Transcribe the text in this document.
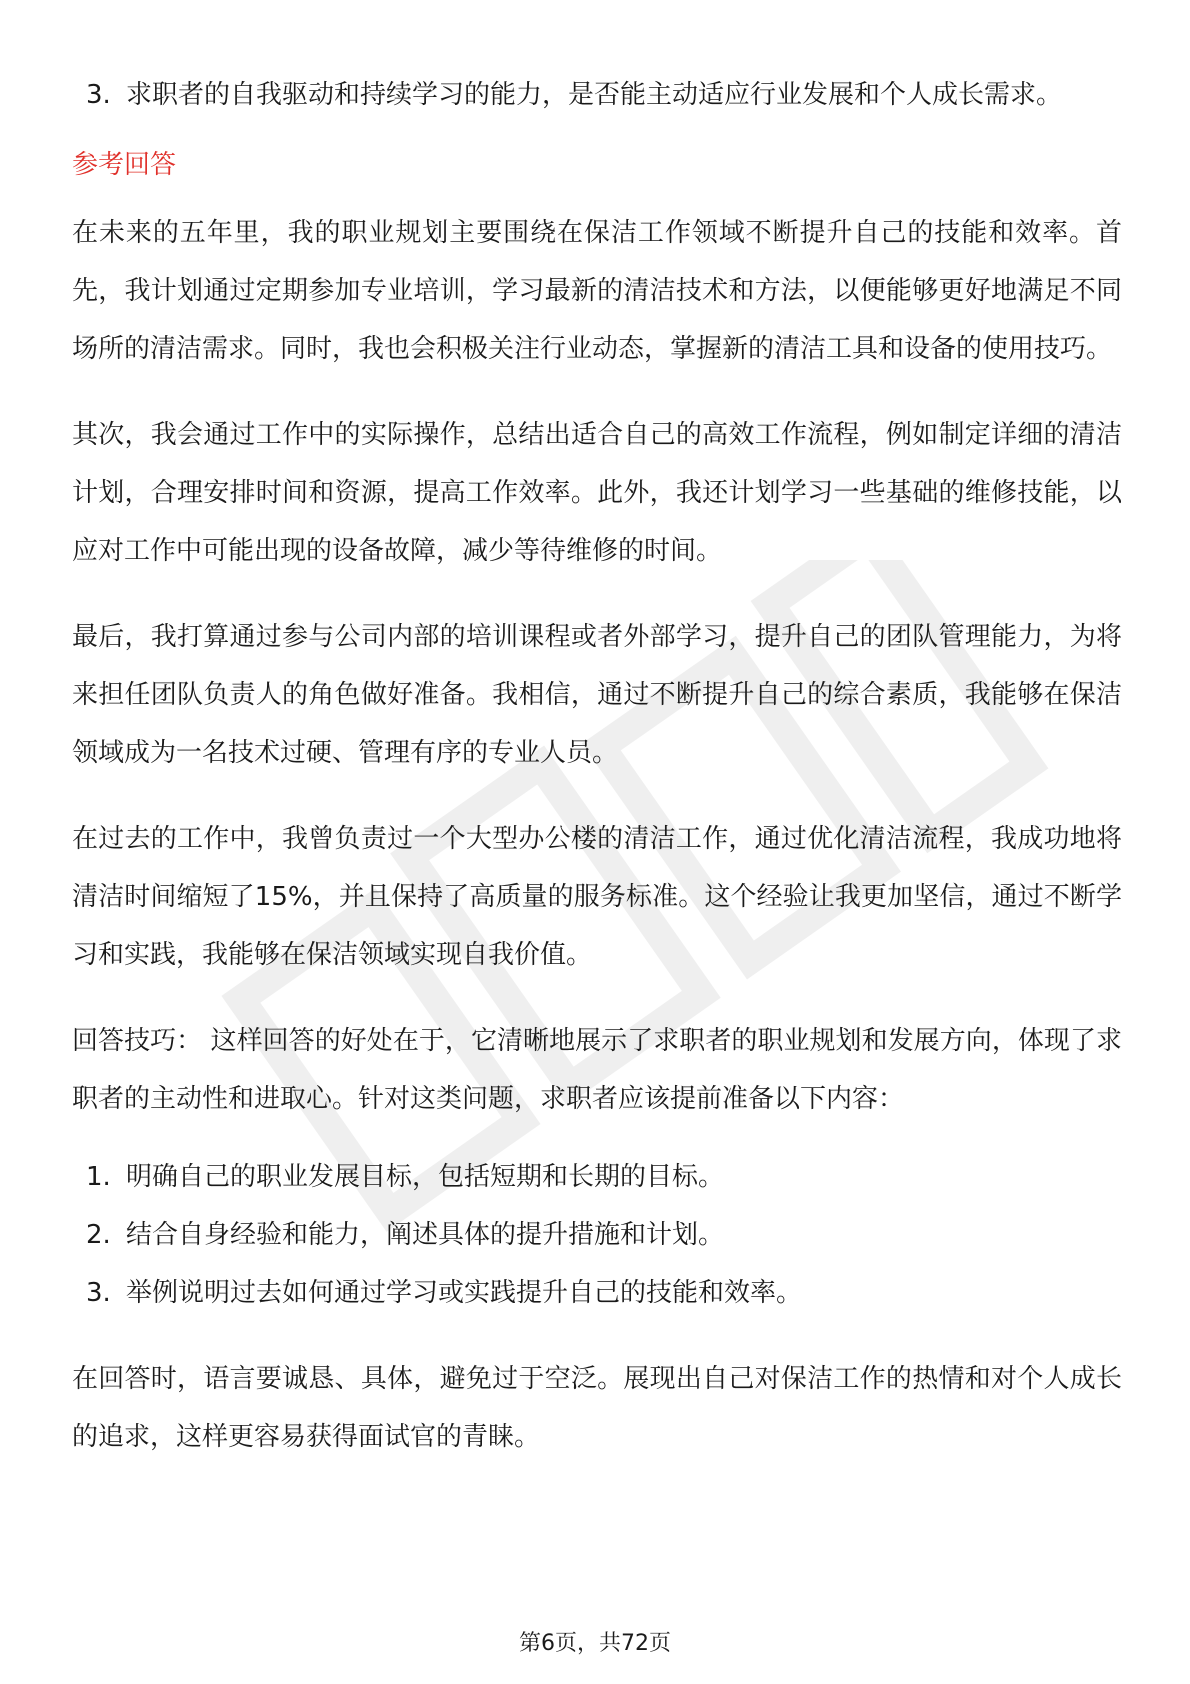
3. 求职者的自我驱动和持续学习的能力，是否能主动适应行业发展和个人成长需求。
参考回答

在未来的五年里，我的职业规划主要围绕在保洁工作领域不断提升自己的技能和效率。首先，我计划通过定期参加专业培训，学习最新的清洁技术和方法，以便能够更好地满足不同场所的清洁需求。同时，我也会积极关注行业动态，掌握新的清洁工具和设备的使用技巧。

其次，我会通过工作中的实际操作，总结出适合自己的高效工作流程，例如制定详细的清洁计划，合理安排时间和资源，提高工作效率。此外，我还计划学习一些基础的维修技能，以应对工作中可能出现的设备故障，减少等待维修的时间。

最后，我打算通过参与公司内部的培训课程或者外部学习，提升自己的团队管理能力，为将来担任团队负责人的角色做好准备。我相信，通过不断提升自己的综合素质，我能够在保洁领域成为一名技术过硬、管理有序的专业人员。

在过去的工作中，我曾负责过一个大型办公楼的清洁工作，通过优化清洁流程，我成功地将清洁时间缩短了15%，并且保持了高质量的服务标准。这个经验让我更加坚信，通过不断学习和实践，我能够在保洁领域实现自我价值。

回答技巧： 这样回答的好处在于，它清晰地展示了求职者的职业规划和发展方向，体现了求职者的主动性和进取心。针对这类问题，求职者应该提前准备以下内容：

1. 明确自己的职业发展目标，包括短期和长期的目标。
2. 结合自身经验和能力，阐述具体的提升措施和计划。
3. 举例说明过去如何通过学习或实践提升自己的技能和效率。

在回答时，语言要诚恳、具体，避免过于空泛。展现出自己对保洁工作的热情和对个人成长的追求，这样更容易获得面试官的青睐。

第6页，共72页
